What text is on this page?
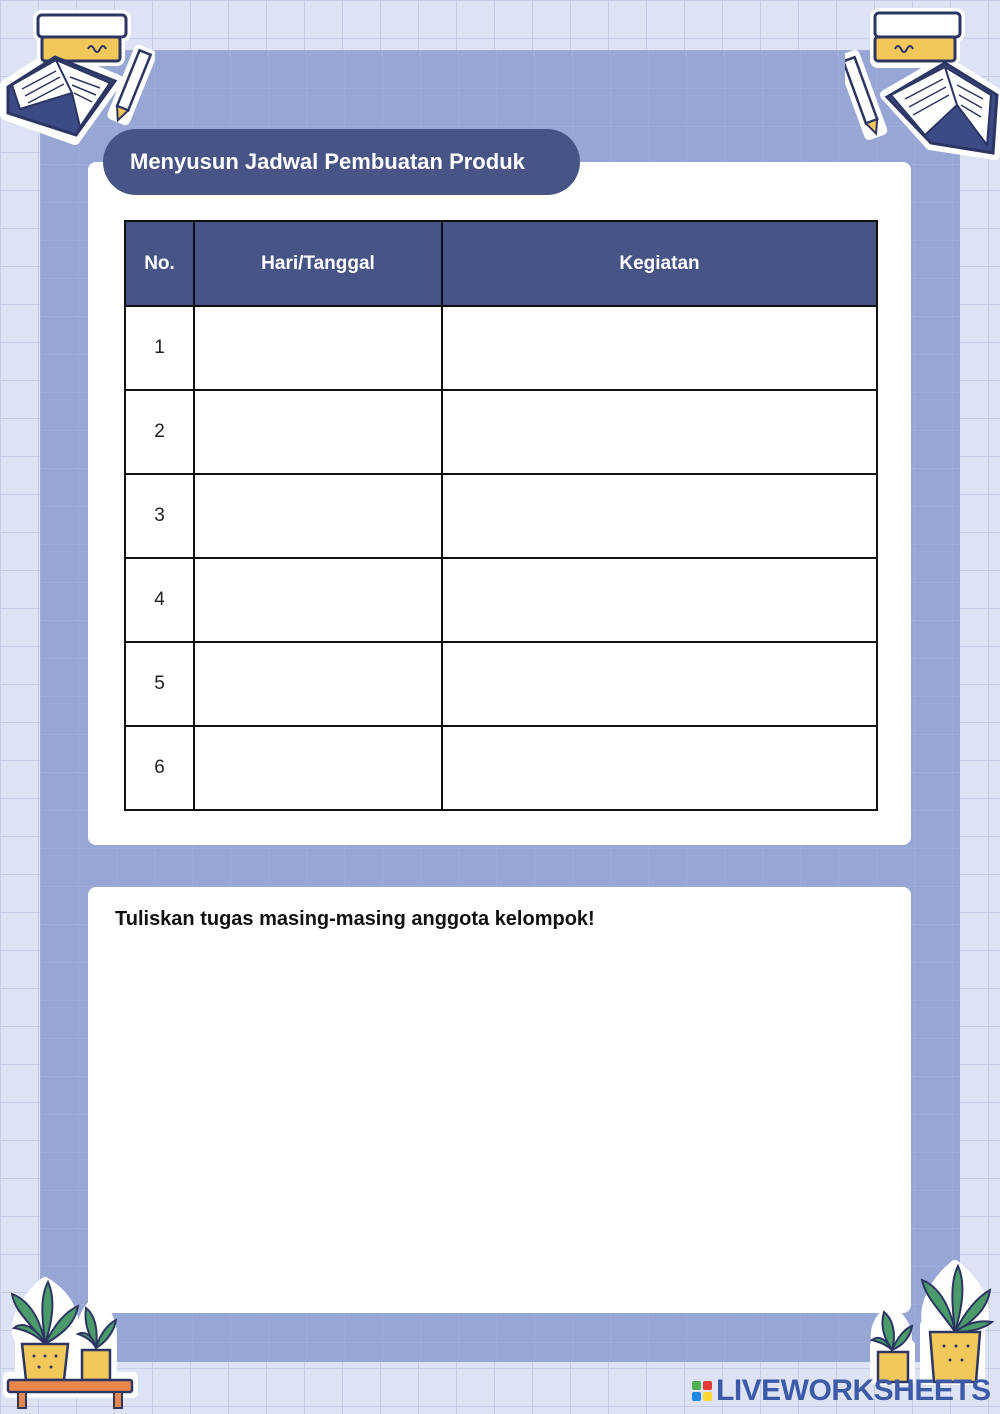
Menyusun Jadwal Pembuatan Produk
No.	Hari/Tanggal	Kegiatan
1		
2		
3		
4		
5		
6		
Tuliskan tugas masing-masing anggota kelompok!
LIVEWORKSHEETS
